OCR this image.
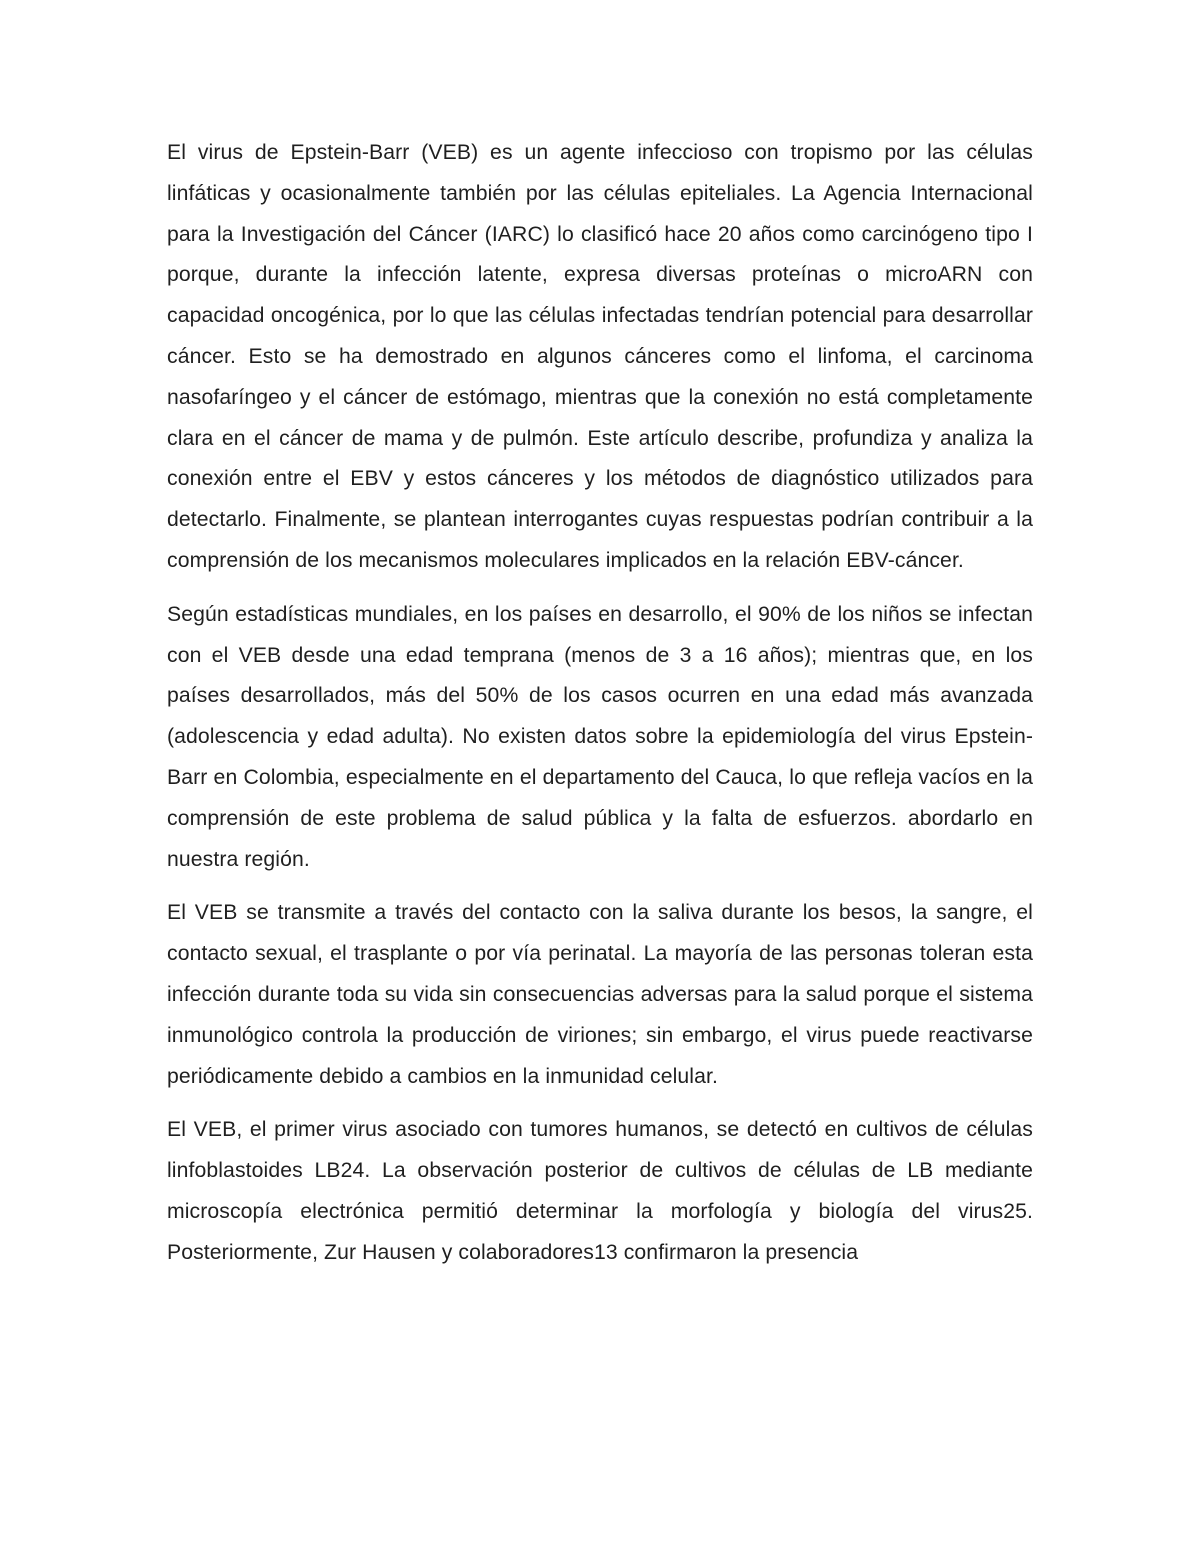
El virus de Epstein-Barr (VEB) es un agente infeccioso con tropismo por las células linfáticas y ocasionalmente también por las células epiteliales. La Agencia Internacional para la Investigación del Cáncer (IARC) lo clasificó hace 20 años como carcinógeno tipo I porque, durante la infección latente, expresa diversas proteínas o microARN con capacidad oncogénica, por lo que las células infectadas tendrían potencial para desarrollar cáncer. Esto se ha demostrado en algunos cánceres como el linfoma, el carcinoma nasofaríngeo y el cáncer de estómago, mientras que la conexión no está completamente clara en el cáncer de mama y de pulmón. Este artículo describe, profundiza y analiza la conexión entre el EBV y estos cánceres y los métodos de diagnóstico utilizados para detectarlo. Finalmente, se plantean interrogantes cuyas respuestas podrían contribuir a la comprensión de los mecanismos moleculares implicados en la relación EBV-cáncer.

Según estadísticas mundiales, en los países en desarrollo, el 90% de los niños se infectan con el VEB desde una edad temprana (menos de 3 a 16 años); mientras que, en los países desarrollados, más del 50% de los casos ocurren en una edad más avanzada (adolescencia y edad adulta). No existen datos sobre la epidemiología del virus Epstein-Barr en Colombia, especialmente en el departamento del Cauca, lo que refleja vacíos en la comprensión de este problema de salud pública y la falta de esfuerzos. abordarlo en nuestra región.

El VEB se transmite a través del contacto con la saliva durante los besos, la sangre, el contacto sexual, el trasplante o por vía perinatal. La mayoría de las personas toleran esta infección durante toda su vida sin consecuencias adversas para la salud porque el sistema inmunológico controla la producción de viriones; sin embargo, el virus puede reactivarse periódicamente debido a cambios en la inmunidad celular.

El VEB, el primer virus asociado con tumores humanos, se detectó en cultivos de células linfoblastoides LB24. La observación posterior de cultivos de células de LB mediante microscopía electrónica permitió determinar la morfología y biología del virus25. Posteriormente, Zur Hausen y colaboradores13 confirmaron la presencia
